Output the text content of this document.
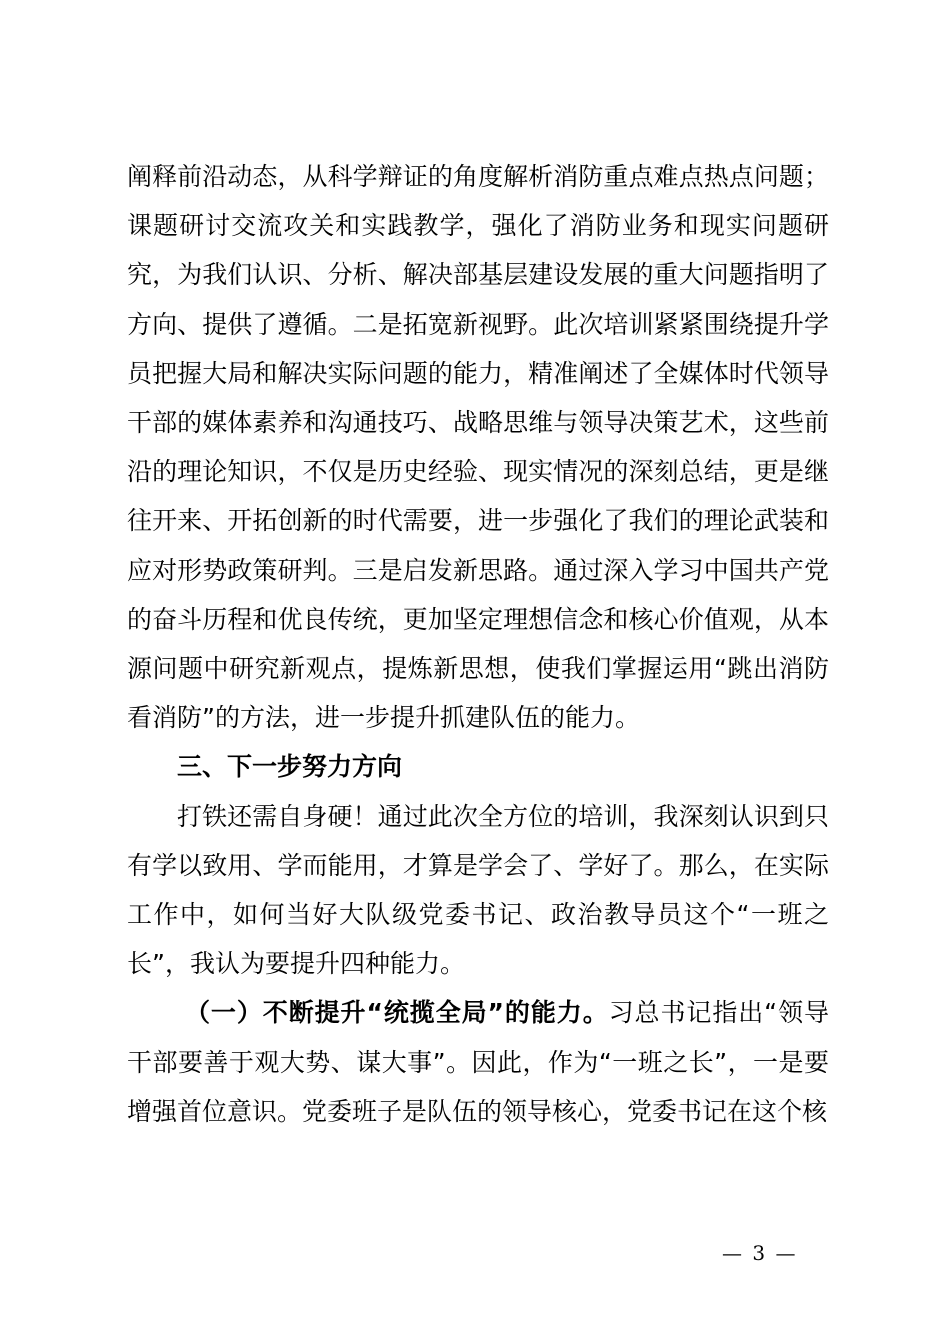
阐释前沿动态，从科学辩证的角度解析消防重点难点热点问题；课题研讨交流攻关和实践教学，强化了消防业务和现实问题研究，为我们认识、分析、解决部基层建设发展的重大问题指明了方向、提供了遵循。二是拓宽新视野。此次培训紧紧围绕提升学员把握大局和解决实际问题的能力，精准阐述了全媒体时代领导干部的媒体素养和沟通技巧、战略思维与领导决策艺术，这些前沿的理论知识，不仅是历史经验、现实情况的深刻总结，更是继往开来、开拓创新的时代需要，进一步强化了我们的理论武装和应对形势政策研判。三是启发新思路。通过深入学习中国共产党的奋斗历程和优良传统，更加坚定理想信念和核心价值观，从本源问题中研究新观点，提炼新思想，使我们掌握运用“跳出消防看消防”的方法，进一步提升抓建队伍的能力。

三、下一步努力方向

打铁还需自身硬！通过此次全方位的培训，我深刻认识到只有学以致用、学而能用，才算是学会了、学好了。那么，在实际工作中，如何当好大队级党委书记、政治教导员这个“一班之长”，我认为要提升四种能力。

（一）不断提升“统揽全局”的能力。习总书记指出“领导干部要善于观大势、谋大事”。因此，作为“一班之长”，一是要增强首位意识。党委班子是队伍的领导核心，党委书记在这个核

— 3 —
